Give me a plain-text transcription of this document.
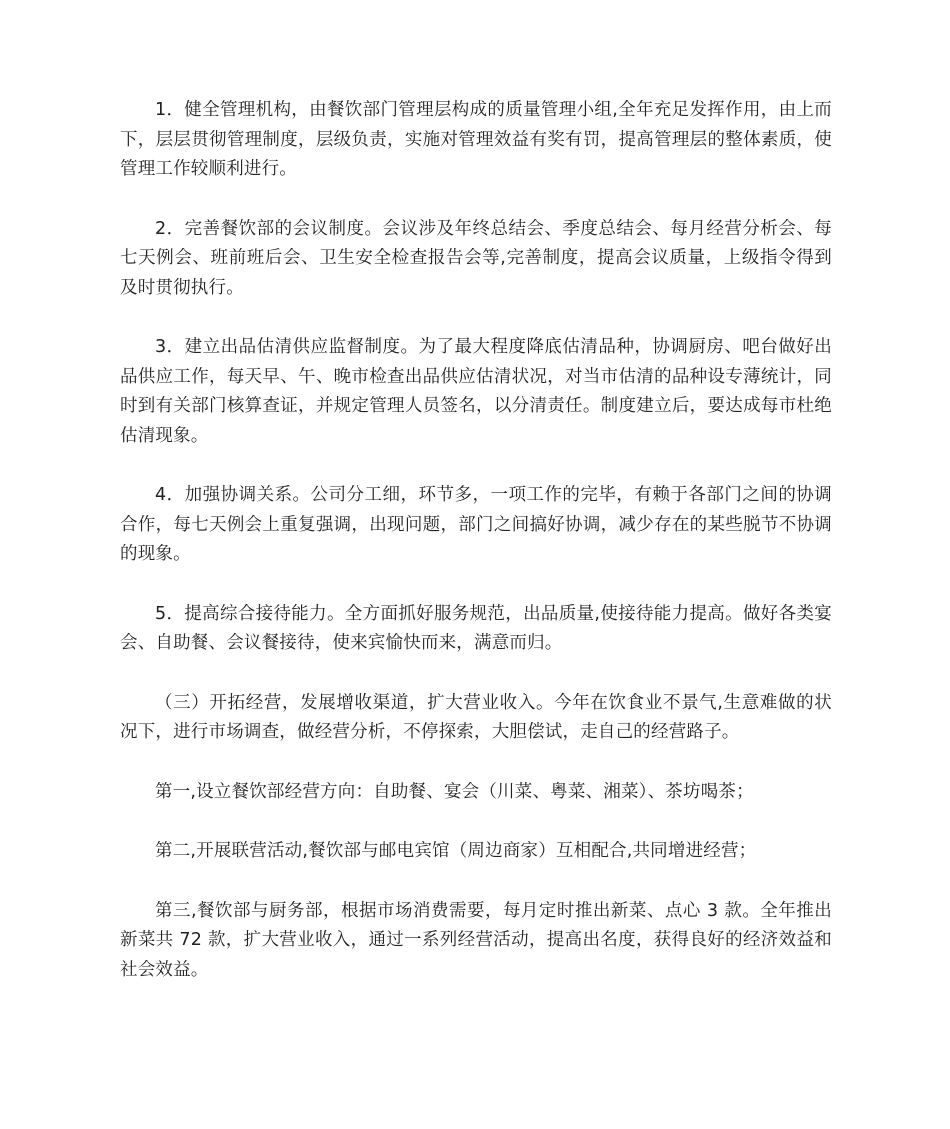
1．健全管理机构，由餐饮部门管理层构成的质量管理小组,全年充足发挥作用，由上而下，层层贯彻管理制度，层级负责，实施对管理效益有奖有罚，提高管理层的整体素质，使管理工作较顺利进行。

2．完善餐饮部的会议制度。会议涉及年终总结会、季度总结会、每月经营分析会、每七天例会、班前班后会、卫生安全检查报告会等,完善制度，提高会议质量，上级指令得到及时贯彻执行。

3．建立出品估清供应监督制度。为了最大程度降底估清品种，协调厨房、吧台做好出品供应工作，每天早、午、晚市检查出品供应估清状况，对当市估清的品种设专薄统计，同时到有关部门核算查证，并规定管理人员签名，以分清责任。制度建立后，要达成每市杜绝估清现象。

4．加强协调关系。公司分工细，环节多，一项工作的完毕，有赖于各部门之间的协调合作，每七天例会上重复强调，出现问题，部门之间搞好协调，减少存在的某些脱节不协调的现象。

5．提高综合接待能力。全方面抓好服务规范，出品质量,使接待能力提高。做好各类宴会、自助餐、会议餐接待，使来宾愉快而来，满意而归。

（三）开拓经营，发展增收渠道，扩大营业收入。今年在饮食业不景气,生意难做的状况下，进行市场调查，做经营分析，不停探索，大胆偿试，走自己的经营路子。

第一,设立餐饮部经营方向：自助餐、宴会（川菜、粤菜、湘菜）、茶坊喝茶；

第二,开展联营活动,餐饮部与邮电宾馆（周边商家）互相配合,共同增进经营；

第三,餐饮部与厨务部，根据市场消费需要，每月定时推出新菜、点心 3 款。全年推出新菜共 72 款，扩大营业收入，通过一系列经营活动，提高出名度，获得良好的经济效益和社会效益。
